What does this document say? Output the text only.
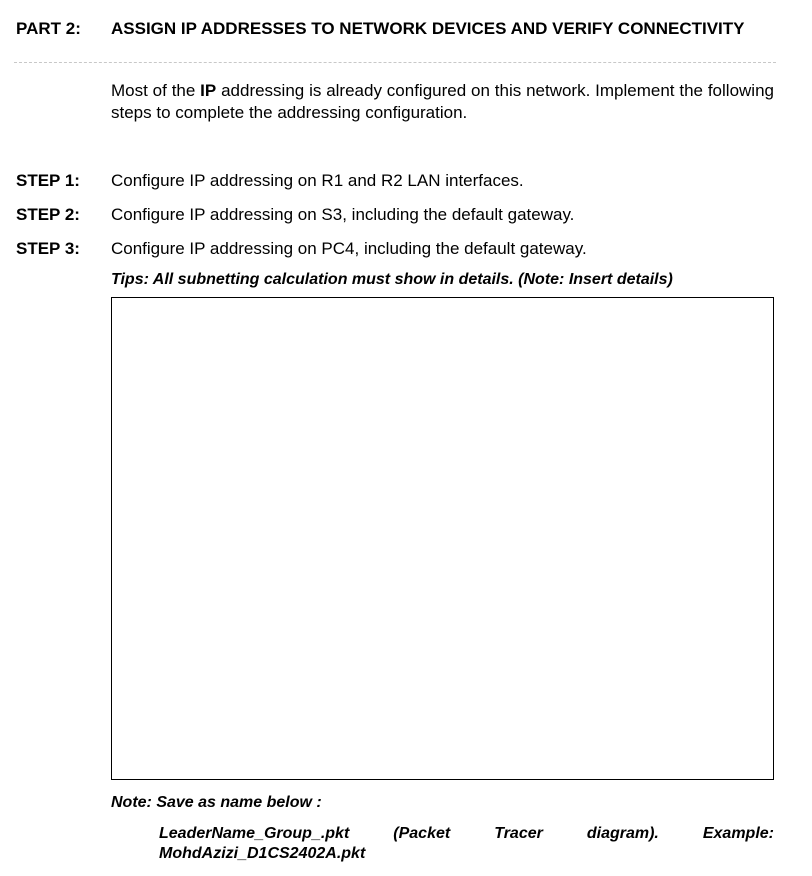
PART 2: ASSIGN IP ADDRESSES TO NETWORK DEVICES AND VERIFY CONNECTIVITY
Most of the IP addressing is already configured on this network. Implement the following steps to complete the addressing configuration.
STEP 1: Configure IP addressing on R1 and R2 LAN interfaces.
STEP 2: Configure IP addressing on S3, including the default gateway.
STEP 3: Configure IP addressing on PC4, including the default gateway.
Tips: All subnetting calculation must show in details. (Note: Insert details)
Note: Save as name below :
LeaderName_Group_.pkt	(Packet	Tracer	diagram).	Example:
MohdAzizi_D1CS2402A.pkt
